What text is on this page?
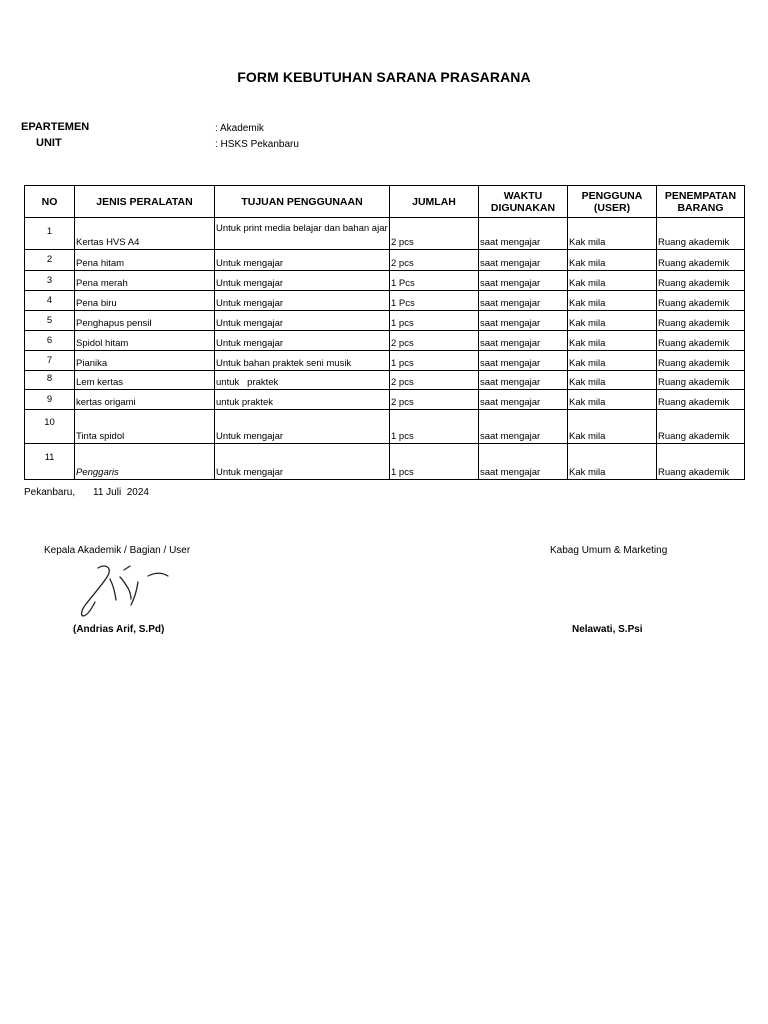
FORM KEBUTUHAN SARANA PRASARANA
EPARTEMEN	: Akademik
UNIT	: HSKS Pekanbaru
NO	JENIS PERALATAN	TUJUAN PENGGUNAAN	JUMLAH	WAKTU DIGUNAKAN	PENGGUNA (USER)	PENEMPATAN BARANG
1	Kertas HVS A4	Untuk print media belajar dan bahan ajar	2 pcs	saat mengajar	Kak mila	Ruang akademik
2	Pena hitam	Untuk mengajar	2 pcs	saat mengajar	Kak mila	Ruang akademik
3	Pena merah	Untuk mengajar	1 Pcs	saat mengajar	Kak mila	Ruang akademik
4	Pena biru	Untuk mengajar	1 Pcs	saat mengajar	Kak mila	Ruang akademik
5	Penghapus pensil	Untuk mengajar	1 pcs	saat mengajar	Kak mila	Ruang akademik
6	Spidol hitam	Untuk mengajar	2 pcs	saat mengajar	Kak mila	Ruang akademik
7	Pianika	Untuk bahan praktek seni musik	1 pcs	saat mengajar	Kak mila	Ruang akademik
8	Lem kertas	untuk   praktek	2 pcs	saat mengajar	Kak mila	Ruang akademik
9	kertas origami	untuk praktek	2 pcs	saat mengajar	Kak mila	Ruang akademik
10	Tinta spidol	Untuk mengajar	1 pcs	saat mengajar	Kak mila	Ruang akademik
11	Penggaris	Untuk mengajar	1 pcs	saat mengajar	Kak mila	Ruang akademik
Pekanbaru, 11 Juli  2024
Kepala Akademik / Bagian / User	Kabag Umum & Marketing
(Andrias Arif, S.Pd)	Nelawati, S.Psi
